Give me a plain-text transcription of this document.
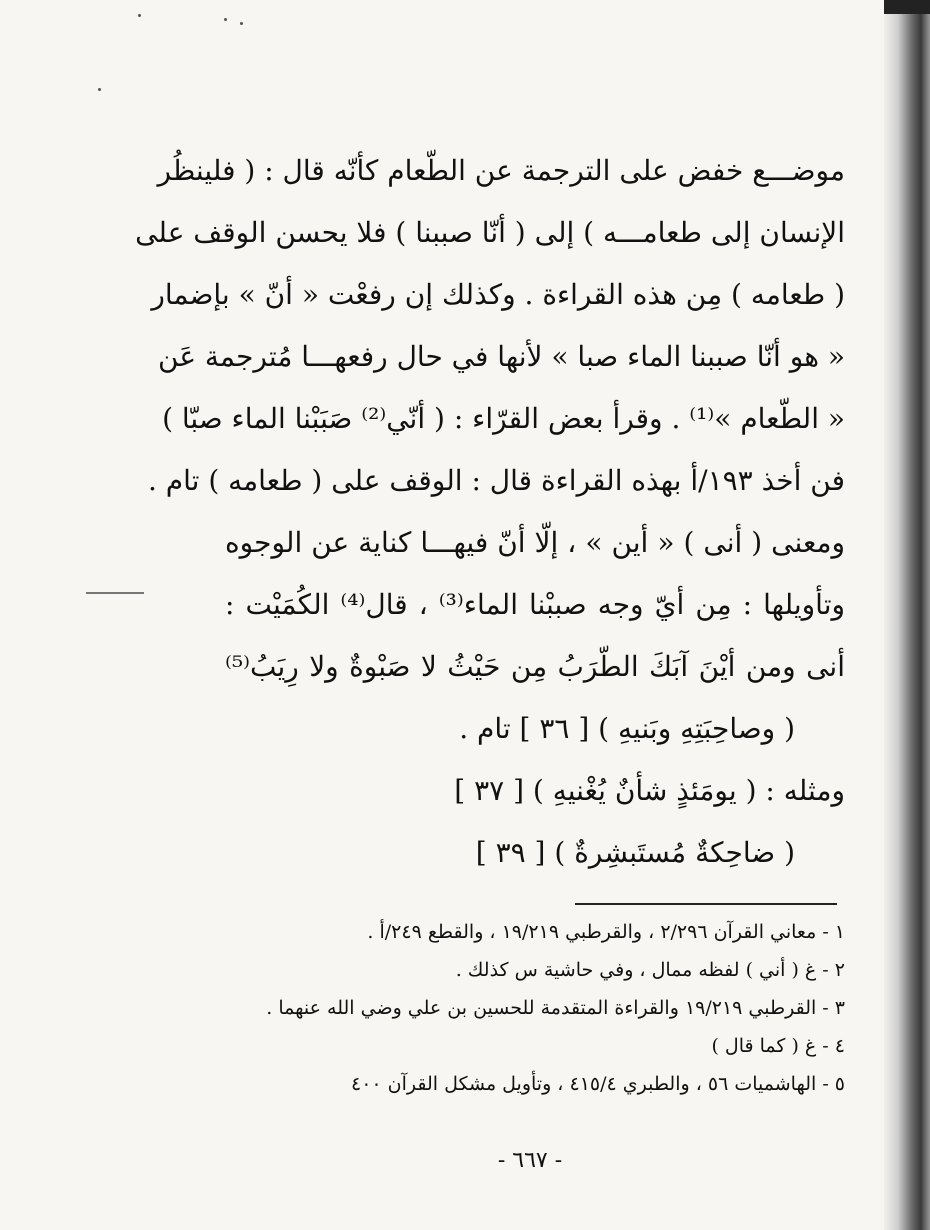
موضـــع خفض على الترجمة عن الطّعام كأنّه قال : ( فلينظُر
الإنسان إلى طعامـــه ) إلى ( أنّا صببنا ) فلا يحسن الوقف على
( طعامه ) مِن هذه القراءة . وكذلك إن رفعْت « أنّ » بإضمار
« هو أنّا صببنا الماء صبا » لأنها في حال رفعهـــا مُترجمة عَن
« الطّعام »⁽¹⁾ . وقرأ بعض القرّاء : ( أنّي⁽²⁾ صَبَبْنا الماء صبّا )
فن أخذ ١٩٣/أ بهذه القراءة قال : الوقف على ( طعامه ) تام .
ومعنى ( أنى ) « أين » ، إلّا أنّ فيهـــا كناية عن الوجوه
وتأويلها : مِن أيّ وجه صببْنا الماء⁽³⁾ ، قال⁽⁴⁾ الكُمَيْت :
أنى ومن أيْنَ آبَكَ الطّرَبُ مِن حَيْثُ لا صَبْوةٌ ولا رِيَبُ⁽⁵⁾
( وصاحِبَتِهِ وبَنيهِ ) [ ٣٦ ] تام .
ومثله : ( يومَئذٍ شأنٌ يُغْنيهِ ) [ ٣٧ ]
( ضاحِكةٌ مُستَبشِرةٌ ) [ ٣٩ ]
١ - معاني القرآن ٢/٢٩٦ ، والقرطبي ١٩/٢١٩ ، والقطع ٢٤٩/أ .
٢ - غ ( أني ) لفظه ممال ، وفي حاشية س كذلك .
٣ - القرطبي ١٩/٢١٩ والقراءة المتقدمة للحسين بن علي وضي الله عنهما .
٤ - غ ( كما قال )
٥ - الهاشميات ٥٦ ، والطبري ٤١٥/٤ ، وتأويل مشكل القرآن ٤٠٠
- ٦٦٧ -
